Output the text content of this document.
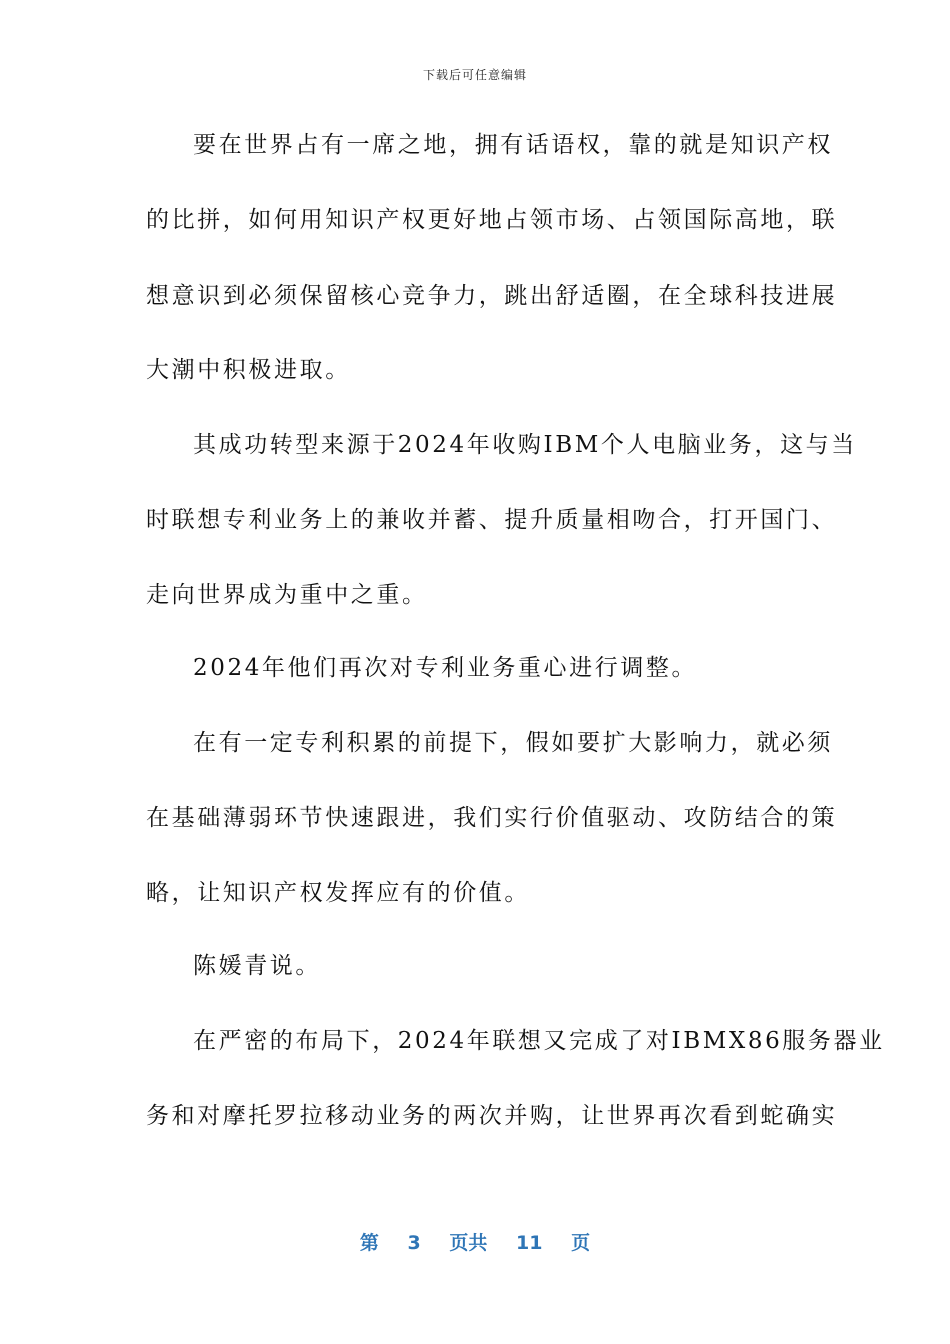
下载后可任意编辑
要在世界占有一席之地，拥有话语权，靠的就是知识产权
的比拼，如何用知识产权更好地占领市场、占领国际高地，联
想意识到必须保留核心竞争力，跳出舒适圈，在全球科技进展
大潮中积极进取。
其成功转型来源于2024年收购IBM个人电脑业务，这与当
时联想专利业务上的兼收并蓄、提升质量相吻合，打开国门、
走向世界成为重中之重。
2024年他们再次对专利业务重心进行调整。
在有一定专利积累的前提下，假如要扩大影响力，就必须
在基础薄弱环节快速跟进，我们实行价值驱动、攻防结合的策
略，让知识产权发挥应有的价值。
陈媛青说。
在严密的布局下，2024年联想又完成了对IBMX86服务器业
务和对摩托罗拉移动业务的两次并购，让世界再次看到蛇确实
第 3 页共 11 页
